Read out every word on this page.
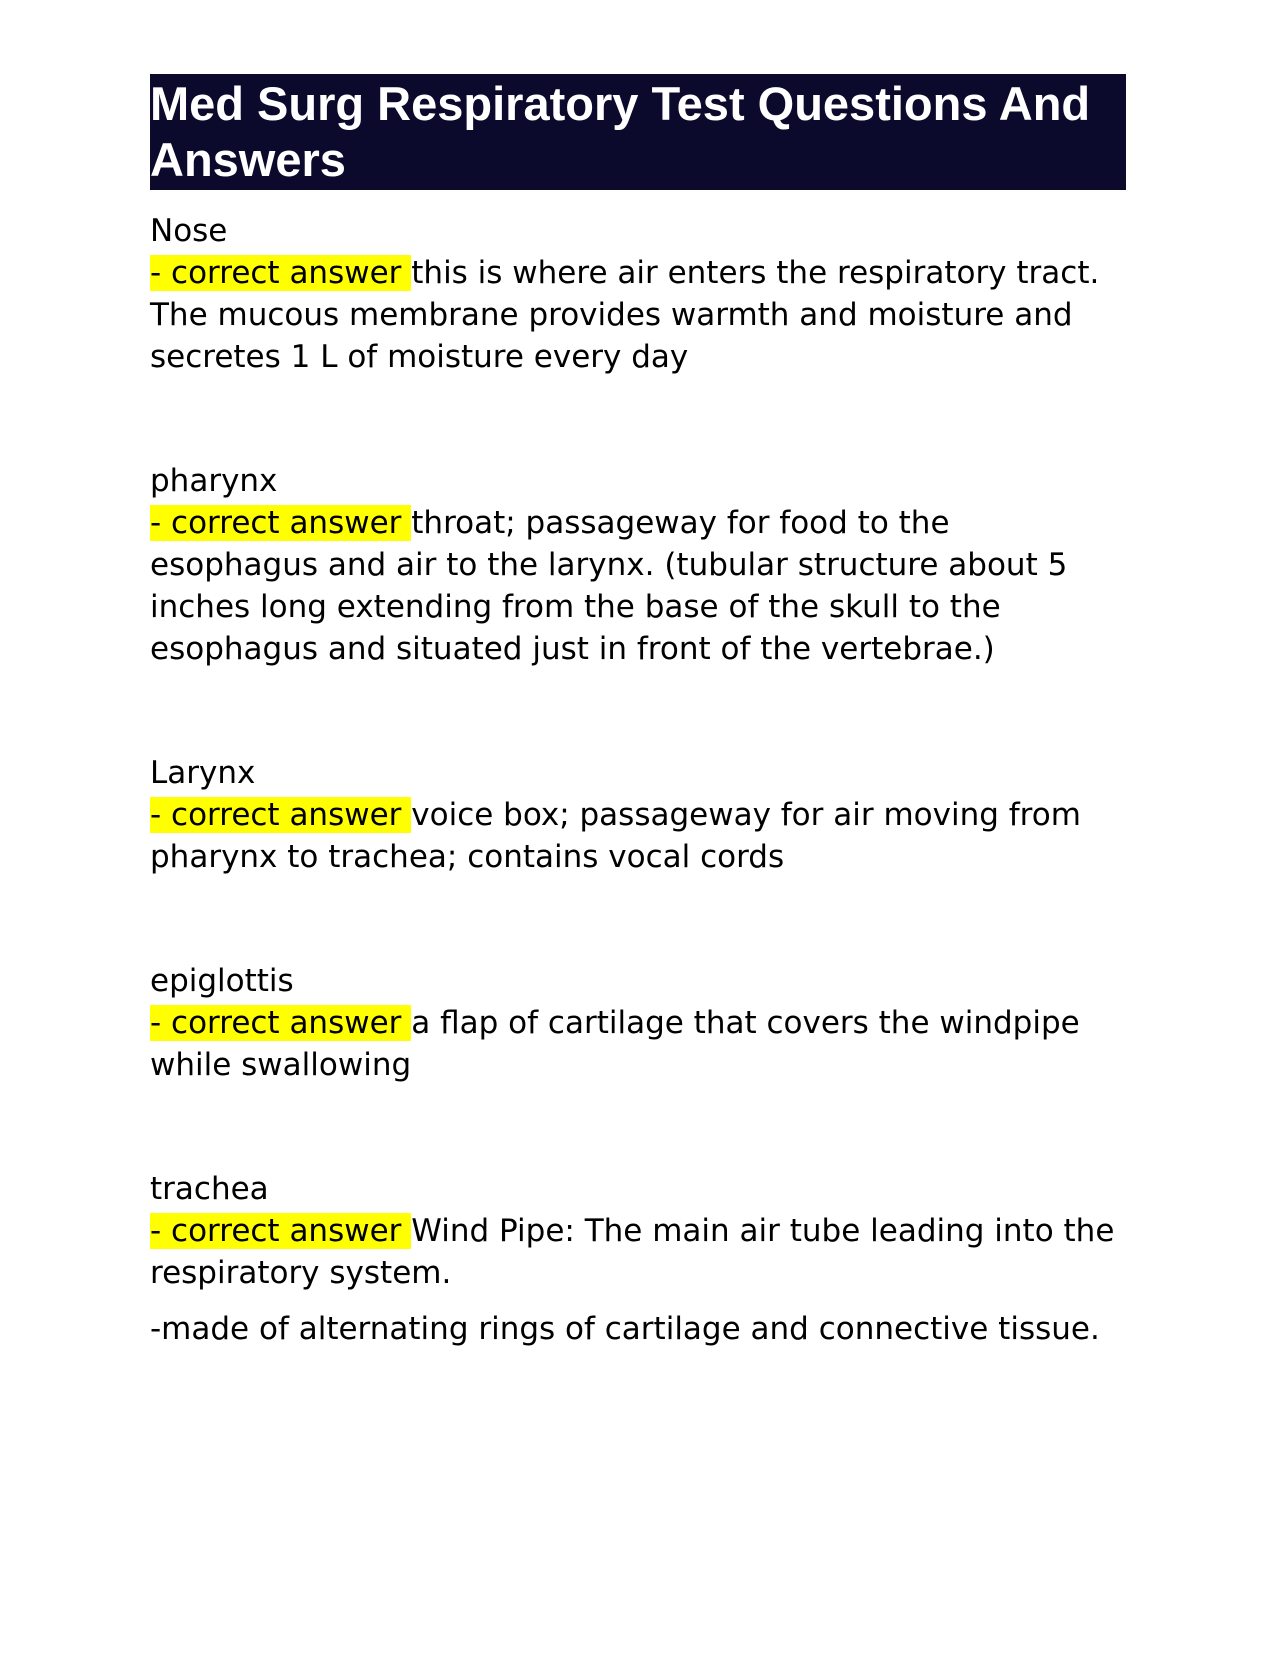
Med Surg Respiratory Test Questions And Answers
Nose
- correct answer this is where air enters the respiratory tract. The mucous membrane provides warmth and moisture and secretes 1 L of moisture every day
pharynx
- correct answer throat; passageway for food to the esophagus and air to the larynx. (tubular structure about 5 inches long extending from the base of the skull to the esophagus and situated just in front of the vertebrae.)
Larynx
- correct answer voice box; passageway for air moving from pharynx to trachea; contains vocal cords
epiglottis
- correct answer a flap of cartilage that covers the windpipe while swallowing
trachea
- correct answer Wind Pipe: The main air tube leading into the respiratory system.
-made of alternating rings of cartilage and connective tissue.
